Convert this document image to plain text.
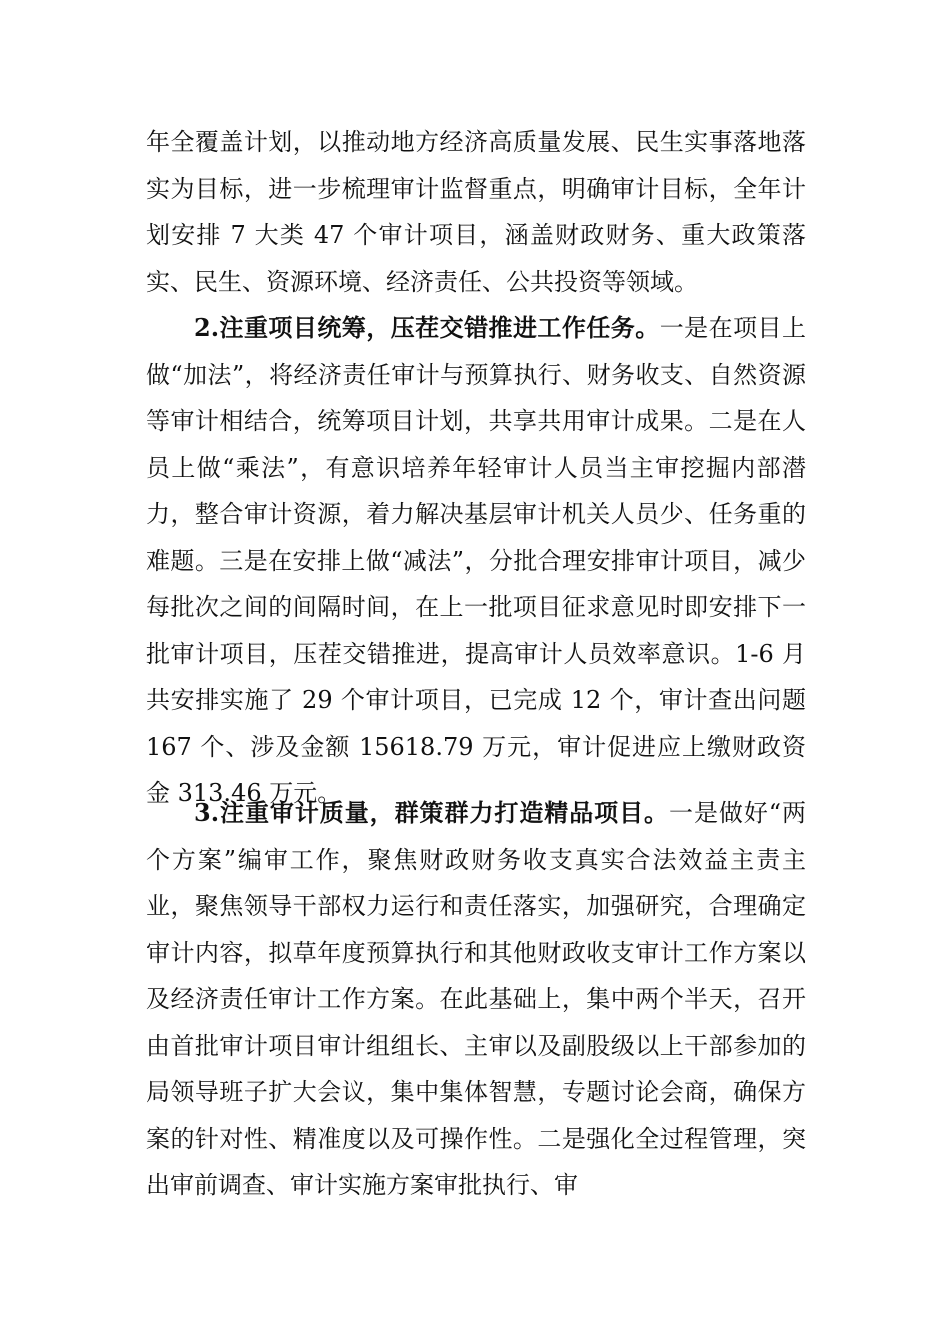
年全覆盖计划，以推动地方经济高质量发展、民生实事落地落实为目标，进一步梳理审计监督重点，明确审计目标，全年计划安排 7 大类 47 个审计项目，涵盖财政财务、重大政策落实、民生、资源环境、经济责任、公共投资等领域。

2.注重项目统筹，压茬交错推进工作任务。一是在项目上做“加法”，将经济责任审计与预算执行、财务收支、自然资源等审计相结合，统筹项目计划，共享共用审计成果。二是在人员上做“乘法”，有意识培养年轻审计人员当主审挖掘内部潜力，整合审计资源，着力解决基层审计机关人员少、任务重的难题。三是在安排上做“减法”，分批合理安排审计项目，减少每批次之间的间隔时间，在上一批项目征求意见时即安排下一批审计项目，压茬交错推进，提高审计人员效率意识。1-6 月共安排实施了 29 个审计项目，已完成 12 个，审计查出问题 167 个、涉及金额 15618.79 万元，审计促进应上缴财政资金 313.46 万元。

3.注重审计质量，群策群力打造精品项目。一是做好“两个方案”编审工作，聚焦财政财务收支真实合法效益主责主业，聚焦领导干部权力运行和责任落实，加强研究，合理确定审计内容，拟草年度预算执行和其他财政收支审计工作方案以及经济责任审计工作方案。在此基础上，集中两个半天，召开由首批审计项目审计组组长、主审以及副股级以上干部参加的局领导班子扩大会议，集中集体智慧，专题讨论会商，确保方案的针对性、精准度以及可操作性。二是强化全过程管理，突出审前调查、审计实施方案审批执行、审
